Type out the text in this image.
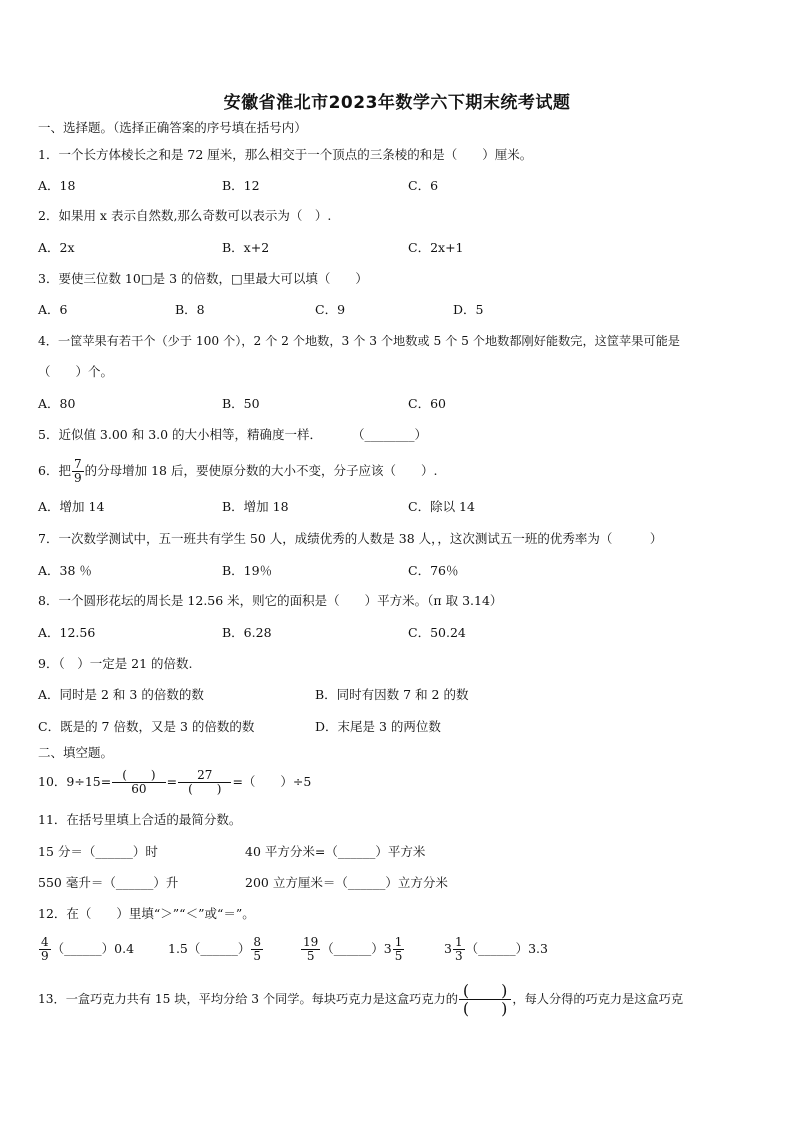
安徽省淮北市2023年数学六下期末统考试题
一、选择题。（选择正确答案的序号填在括号内）
1．一个长方体棱长之和是 72 厘米，那么相交于一个顶点的三条棱的和是（　　）厘米。
A．18	B．12	C．6
2．如果用 x 表示自然数,那么奇数可以表示为（　）.
A．2x	B．x+2	C．2x+1
3．要使三位数 10□是 3 的倍数，□里最大可以填（　　）
A．6	B．8	C．9	D．5
4．一筐苹果有若干个（少于 100 个），2 个 2 个地数，3 个 3 个地数或 5 个 5 个地数都刚好能数完，这筐苹果可能是
（　　）个。
A．80	B．50	C．60
5．近似值 3.00 和 3.0 的大小相等，精确度一样． （________）
6．把 $\frac{7}{9}$ 的分母增加 18 后，要使原分数的大小不变，分子应该（　　）.
A．增加 14	B．增加 18	C．除以 14
7．一次数学测试中，五一班共有学生 50 人，成绩优秀的人数是 38 人，，这次测试五一班的优秀率为（　　　）
A．38 ％	B．19％	C．76％
8．一个圆形花坛的周长是 12.56 米，则它的面积是（　　）平方米。（π 取 3.14）
A．12.56	B．6.28	C．50.24
9．（　）一定是 21 的倍数.
A．同时是 2 和 3 的倍数的数	B．同时有因数 7 和 2 的数
C．既是的 7 倍数，又是 3 的倍数的数	D．末尾是 3 的两位数
二、填空题。
10．$9\div 15= \frac{( )}{60} = \frac{27}{( )}$ =（　　）÷5
11．在括号里填上合适的最简分数。
15 分＝（______）时	40 平方分米=（______）平方米
550 毫升＝（______）升	200 立方厘米＝（______）立方分米
12．在（　　）里填“＞”“＜”或“＝”。
$\frac{4}{9}$ （______）0.4	1.5（______） $\frac{8}{5}$	$\frac{19}{5}$ （______）3 $\frac{1}{5}$	$3 \frac{1}{3}$ （______）3.3
13．一盒巧克力共有 15 块，平均分给 3 个同学。每块巧克力是这盒巧克力的 $\frac{( )}{( )}$ ，每人分得的巧克力是这盒巧克
